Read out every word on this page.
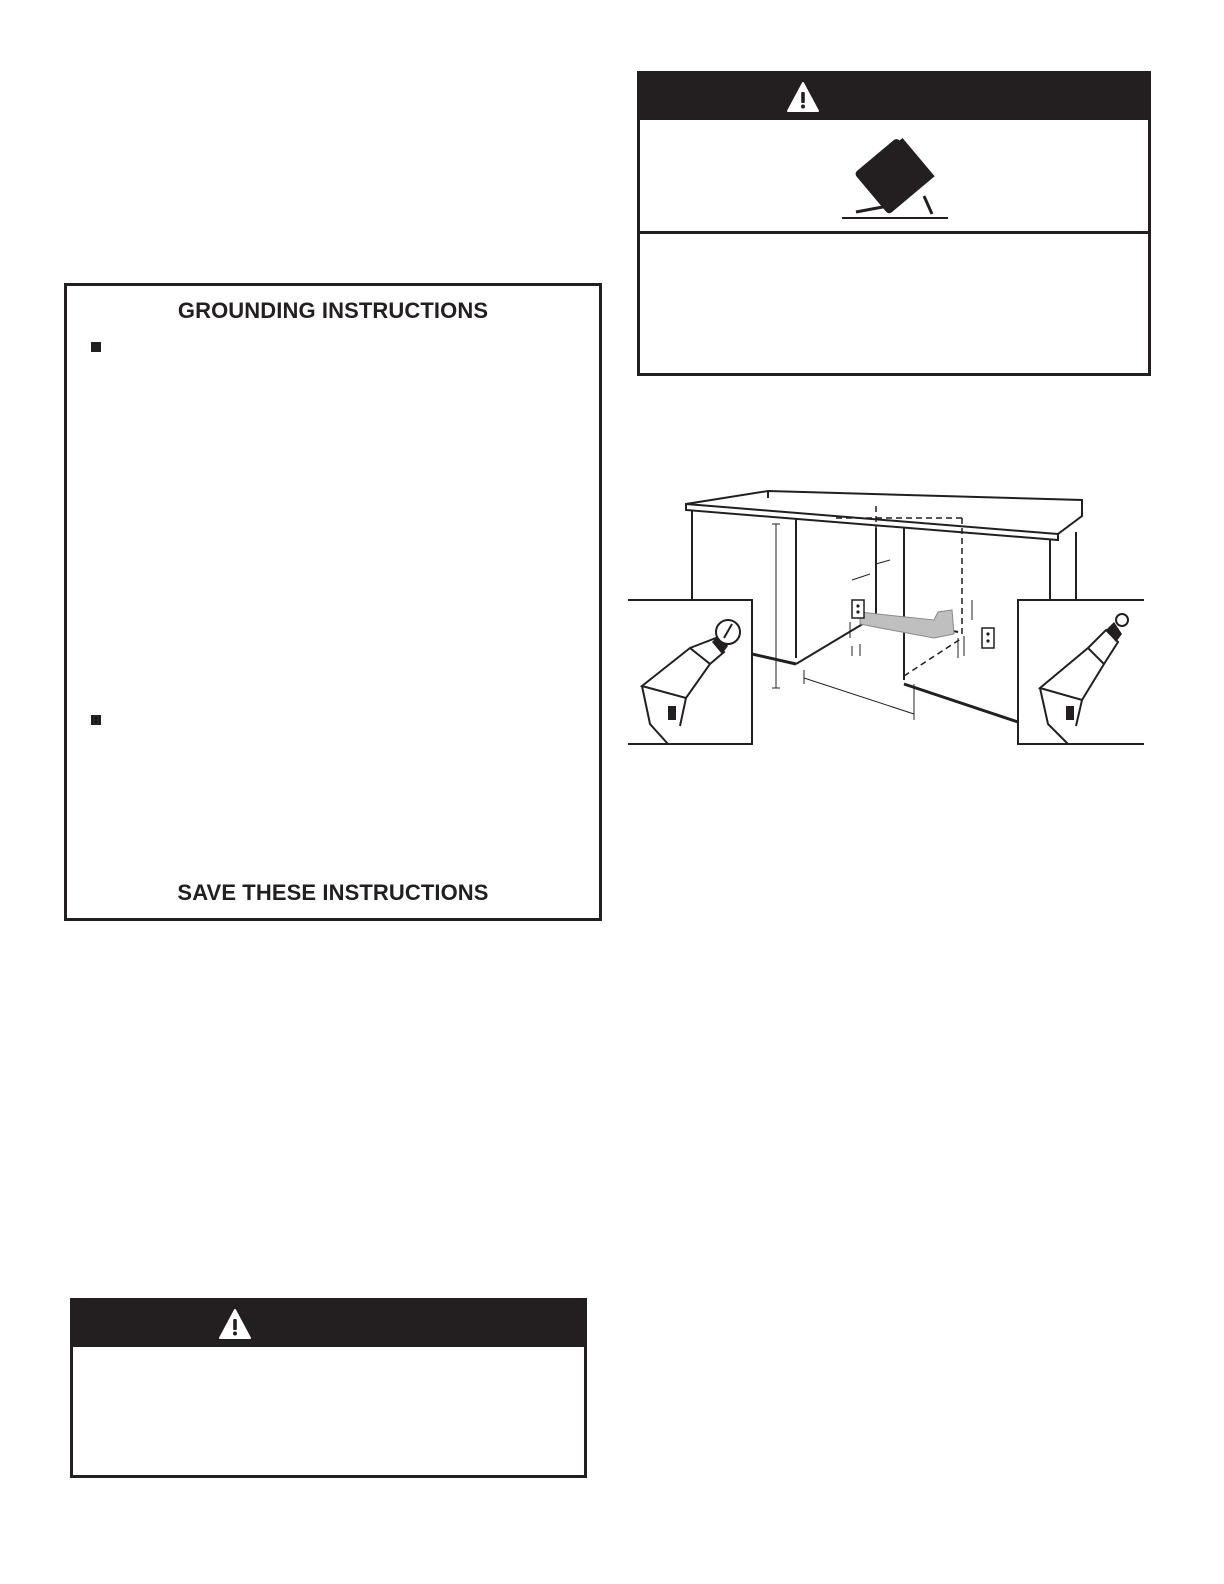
GROUNDING INSTRUCTIONS
SAVE THESE INSTRUCTIONS
